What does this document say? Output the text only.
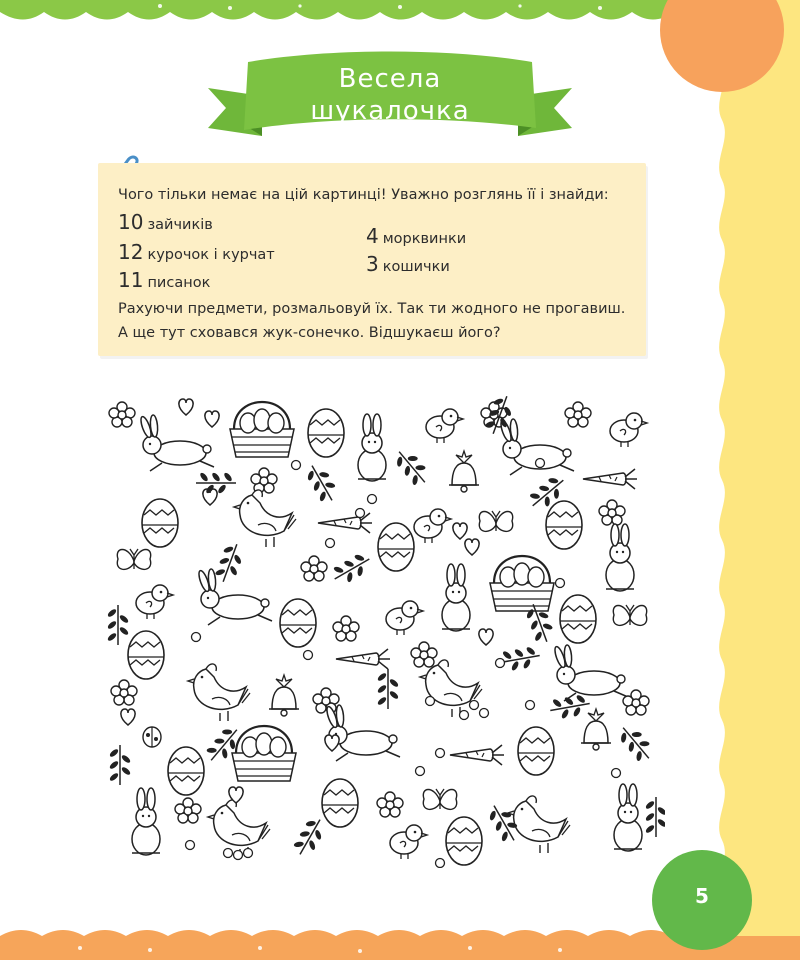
Весела
шукалочка
Чого тільки немає на цій картинці! Уважно розглянь її і знайди:
10 зайчиків
12 курочок і курчат
11 писанок
4 морквинки
3 кошички
Рахуючи предмети, розмальовуй їх. Так ти жодного не прогавиш.
А ще тут сховався жук-сонечко. Відшукаєш його?
5
